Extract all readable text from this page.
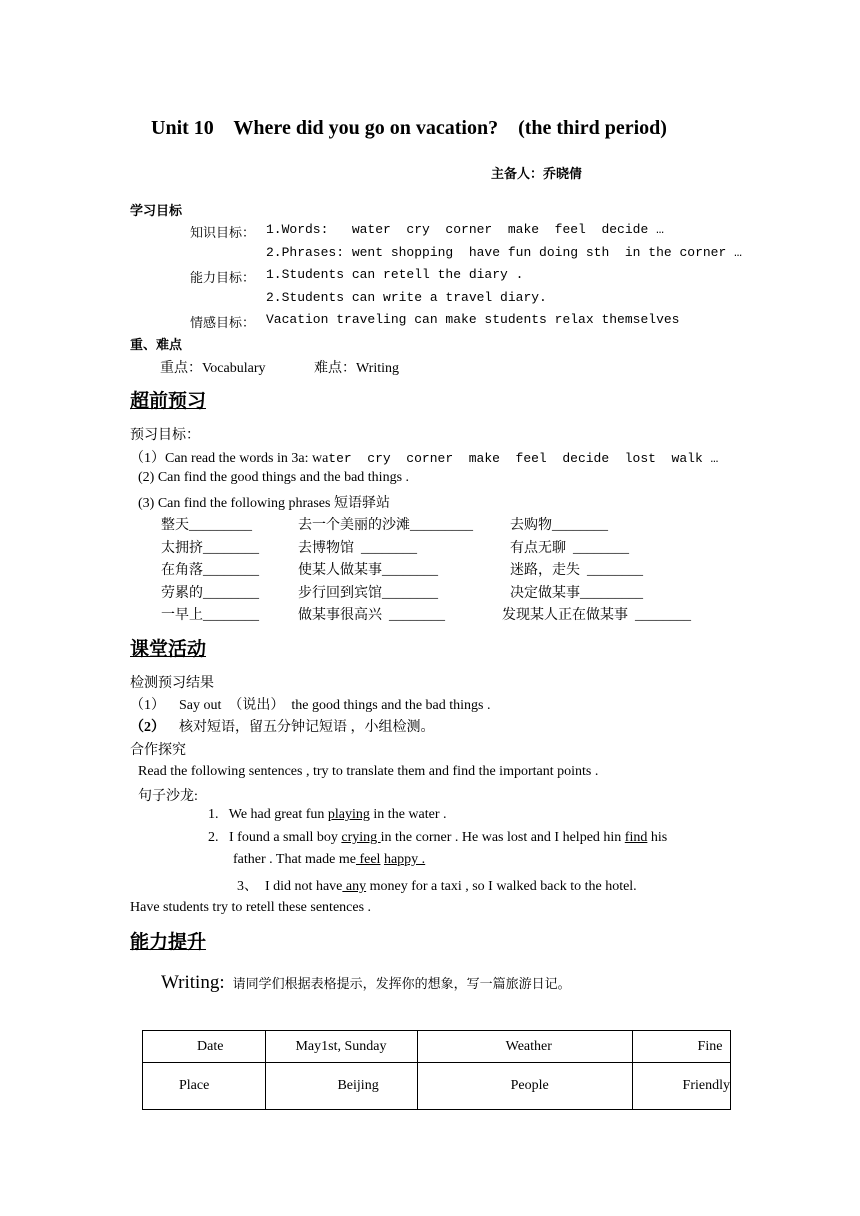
Unit 10    Where did you go on vacation?    (the third period)
主备人：乔晓倩
学习目标
知识目标： 1.Words:   water  cry  corner  make  feel  decide …
2.Phrases: went shopping  have fun doing sth  in the corner …
能力目标： 1.Students can retell the diary .
2.Students can write a travel diary.
情感目标： Vacation traveling can make students relax themselves
重、难点
重点：Vocabulary	难点：Writing
超前预习
预习目标：
（1）Can read the words in 3a: water  cry  corner  make  feel  decide  lost  walk …
(2) Can find the good things and the bad things .
(3) Can find the following phrases 短语驿站
整天_________	去一个美丽的沙滩_________	去购物________
太拥挤________	去博物馆  ________	有点无聊  ________
在角落________	使某人做某事________	迷路，走失  ________
劳累的________	步行回到宾馆________	决定做某事_________
一早上________	做某事很高兴  ________	发现某人正在做某事  ________
课堂活动
检测预习结果
（1） Say out  （说出）  the good things and the bad things .
（2） 核对短语，留五分钟记短语 ，小组检测。
合作探究
Read the following sentences , try to translate them and find the important points .
句子沙龙:
1. We had great fun playing in the water .
2. I found a small boy crying in the corner . He was lost and I helped hin find his
father . That made me feel happy .
3、 I did not have any money for a taxi , so I walked back to the hotel.
Have students try to retell these sentences .
能力提升
Writing: 请同学们根据表格提示，发挥你的想象，写一篇旅游日记。
Date	May1st, Sunday	Weather	Fine
Place	Beijing	People	Friendly
